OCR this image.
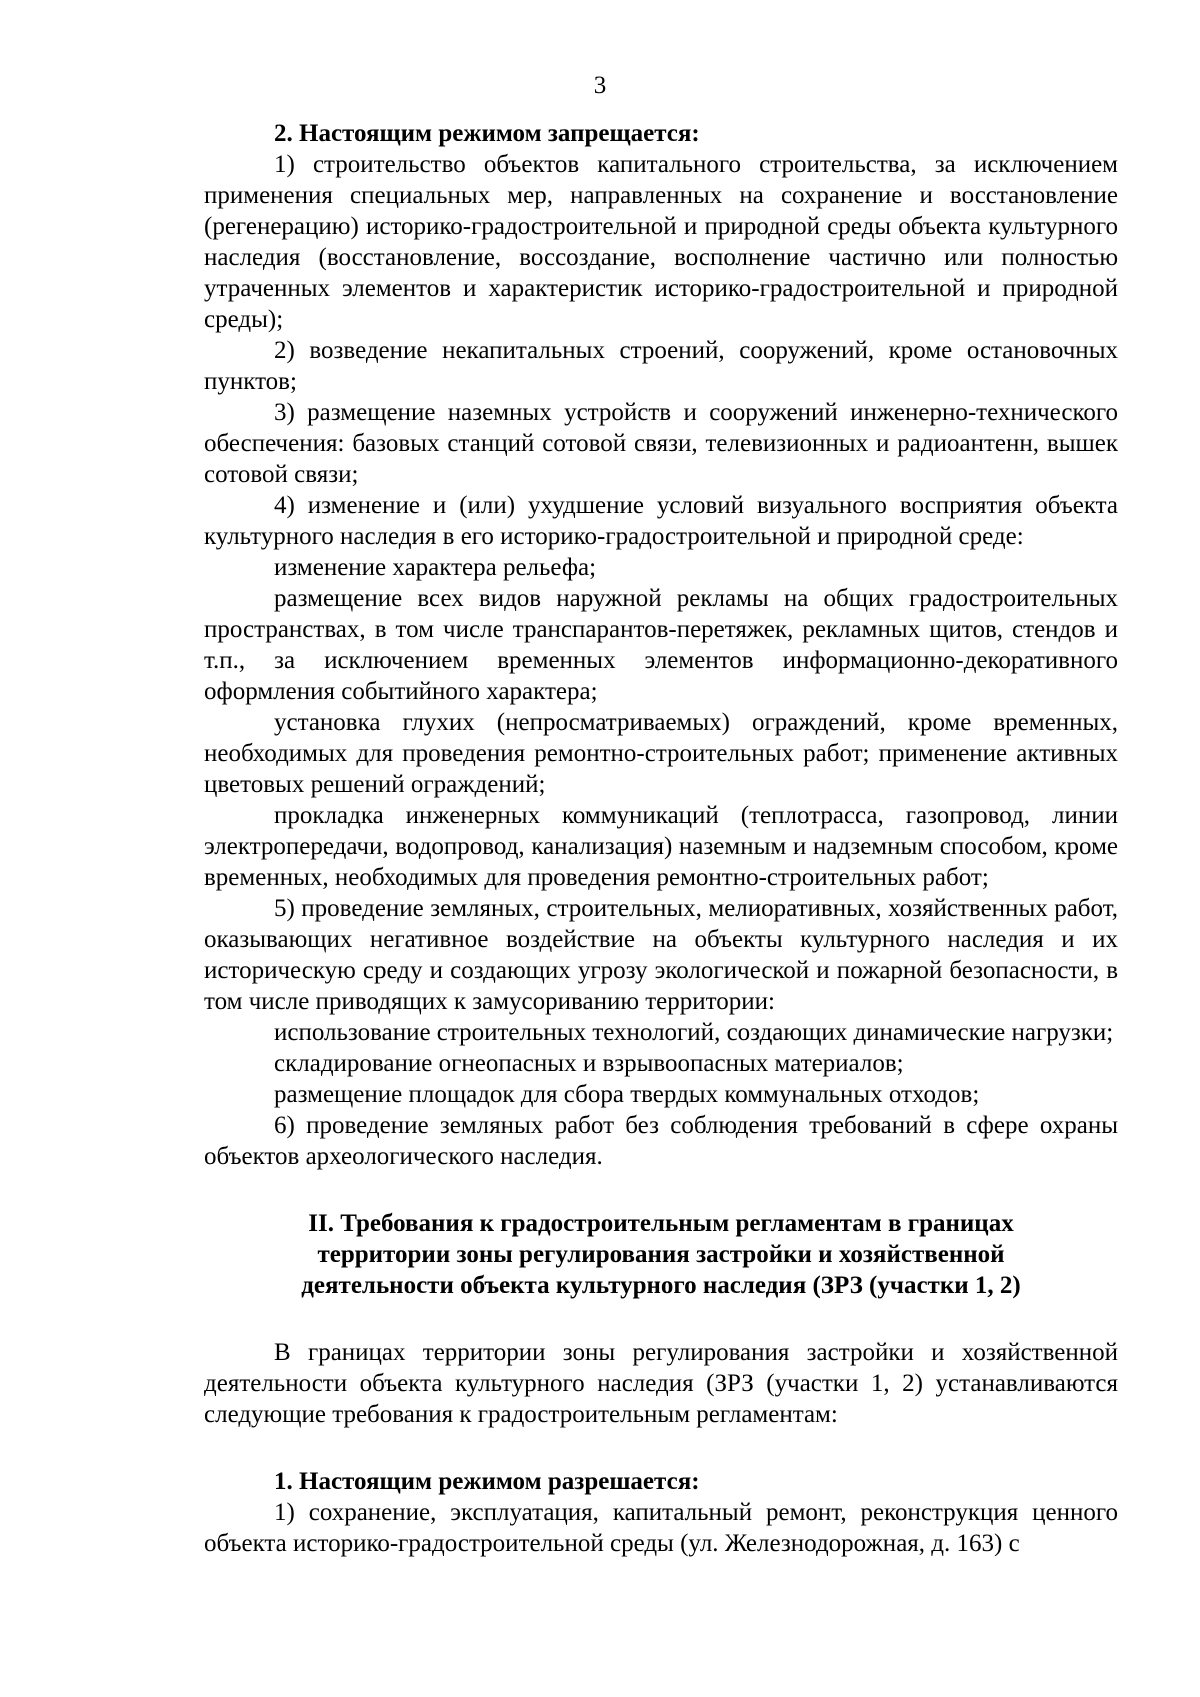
3

2. Настоящим режимом запрещается:

1) строительство объектов капитального строительства, за исключением применения специальных мер, направленных на сохранение и восстановление (регенерацию) историко-градостроительной и природной среды объекта культурного наследия (восстановление, воссоздание, восполнение частично или полностью утраченных элементов и характеристик историко-градостроительной и природной среды);

2) возведение некапитальных строений, сооружений, кроме остановочных пунктов;

3) размещение наземных устройств и сооружений инженерно-технического обеспечения: базовых станций сотовой связи, телевизионных и радиоантенн, вышек сотовой связи;

4) изменение и (или) ухудшение условий визуального восприятия объекта культурного наследия в его историко-градостроительной и природной среде:

изменение характера рельефа;

размещение всех видов наружной рекламы на общих градостроительных пространствах, в том числе транспарантов-перетяжек, рекламных щитов, стендов и т.п., за исключением временных элементов информационно-декоративного оформления событийного характера;

установка глухих (непросматриваемых) ограждений, кроме временных, необходимых для проведения ремонтно-строительных работ; применение активных цветовых решений ограждений;

прокладка инженерных коммуникаций (теплотрасса, газопровод, линии электропередачи, водопровод, канализация) наземным и надземным способом, кроме временных, необходимых для проведения ремонтно-строительных работ;

5) проведение земляных, строительных, мелиоративных, хозяйственных работ, оказывающих негативное воздействие на объекты культурного наследия и их историческую среду и создающих угрозу экологической и пожарной безопасности, в том числе приводящих к замусориванию территории:

использование строительных технологий, создающих динамические нагрузки;

складирование огнеопасных и взрывоопасных материалов;

размещение площадок для сбора твердых коммунальных отходов;

6) проведение земляных работ без соблюдения требований в сфере охраны объектов археологического наследия.

II. Требования к градостроительным регламентам в границах территории зоны регулирования застройки и хозяйственной деятельности объекта культурного наследия (ЗРЗ (участки 1, 2)

В границах территории зоны регулирования застройки и хозяйственной деятельности объекта культурного наследия (ЗРЗ (участки 1, 2) устанавливаются следующие требования к градостроительным регламентам:

1. Настоящим режимом разрешается:

1) сохранение, эксплуатация, капитальный ремонт, реконструкция ценного объекта историко-градостроительной среды (ул. Железнодорожная, д. 163) с
